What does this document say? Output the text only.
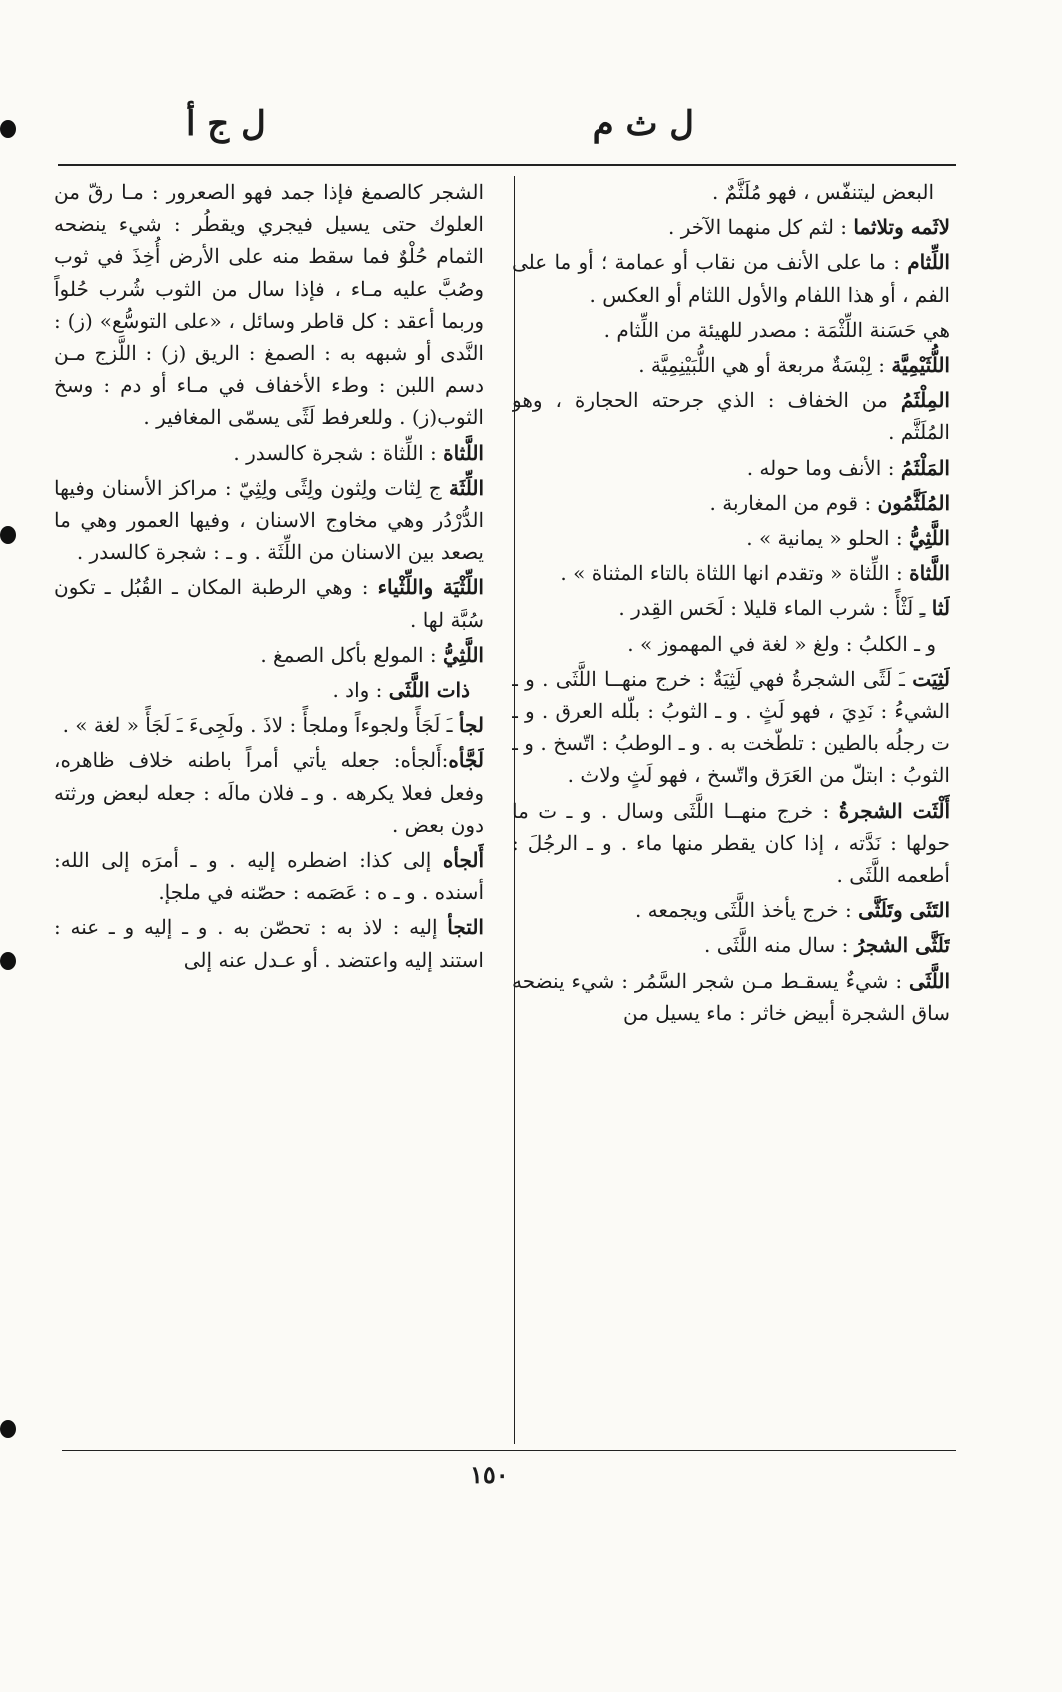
ل ث م
ل ج أ

البعض ليتنفّس ، فهو مُلَثَّمٌ .

لاثَمه وتلاثما : لثم كل منهما الآخر .

اللِّثام : ما على الأنف من نقاب أو عمامة ؛ أو ما على الفم ، أو هذا اللفام والأول اللثام أو العكس .

هي حَسَنة اللِّثْمَة : مصدر للهيئة من اللِّثام .

اللُّثَيْمِيَّة : لِبْسَةٌ مربعة أو هي اللُّبَيْنِمِيَّة .

المِلْثَمُ من الخفاف : الذي جرحته الحجارة ، وهو المُلَثَّم .

المَلْثَمُ : الأنف وما حوله .

المُلَثَّمُون : قوم من المغاربة .

اللَّثِيُّ : الحلو « يمانية » .

اللَّثاة : اللِّثاة « وتقدم انها اللثاة بالتاء المثناة » .

لَثا ـِ لَثْأً : شرب الماء قليلا : لَحَس القِدر .

و ـ الكلبُ : ولغ « لغة في المهموز » .

لَثِيَت ـَ لَثًى الشجرةُ فهي لَثِيَةٌ : خرج منهــا اللَّثَى . و ـ الشيءُ : نَدِيَ ، فهو لَثٍ . و ـ الثوبُ : بلّله العرق . و ـ ت رجلُه بالطين : تلطّخت به . و ـ الوطبُ : اتّسخ . و ـ الثوبُ : ابتلّ من العَرَق واتّسخ ، فهو لَثٍ ولاث .

أَلْثَت الشجرةُ : خرج منهــا اللَّثَى وسال . و ـ ت ما حولها : نَدَّته ، إذا كان يقطر منها ماء . و ـ الرجُلَ : أطعمه اللَّثَى .

التَثَى وتَلَثَّى : خرج يأخذ اللَّثَى ويجمعه .

تَلَثَّى الشجرُ : سال منه اللَّثَى .

اللَّثَى : شيءٌ يسقـط مـن شجر السَّمُر : شيء ينضحه ساق الشجرة أبيض خاثر : ماء يسيل من

الشجر كالصمغ فإذا جمد فهو الصعرور : مـا رقّ من العلوك حتى يسيل فيجري ويقطُر : شيء ينضحه الثمام حُلْوٌ فما سقط منه على الأرض أُخِذَ في ثوب وصُبَّ عليه مـاء ، فإذا سال من الثوب شُرب حُلواً وربما أعقد : كل قاطر وسائل ، «على التوسُّع» (ز) : النَّدى أو شبهه به : الصمغ : الريق (ز) : اللَّزج مـن دسم اللبن : وطء الأخفاف في مـاء أو دم : وسخ الثوب(ز) . وللعرفط لَثًى يسمّى المغافير .

اللَّثاة : اللِّثاة : شجرة كالسدر .

اللِّثَة ج لِثات ولِثون ولِثًى ولِثِيّ : مراكز الأسنان وفيها الدُّرْدُر وهي مخاوج الاسنان ، وفيها العمور وهي ما يصعد بين الاسنان من اللِّثَة . و ـ : شجرة كالسدر .

اللِّثْيَة واللِّثْياء : وهي الرطبة المكان ـ القُبُل ـ تكون سُبَّة لها .

اللَّثِيُّ : المولع بأكل الصمغ .

ذات اللَّثَى : واد .

لجأ ـَ لَجَأً ولجوءاً وملجأً : لاذَ . ولَجِىءَ ـَ لَجَأً « لغة » .

لَجَّأه:أَلجأه: جعله يأتي أمراً باطنه خلاف ظاهره، وفعل فعلا يكرهه . و ـ فلان مالَه : جعله لبعض ورثته دون بعض .

أَلجأه إلى كذا: اضطره إليه . و ـ أمرَه إلى الله: أسنده . و ـ ه : عَصَمه : حصّنه في ملجإ.

التجأ إليه : لاذ به : تحصّن به . و ـ إليه و ـ عنه : استند إليه واعتضد . أو عـدل عنه إلى

١٥٠
